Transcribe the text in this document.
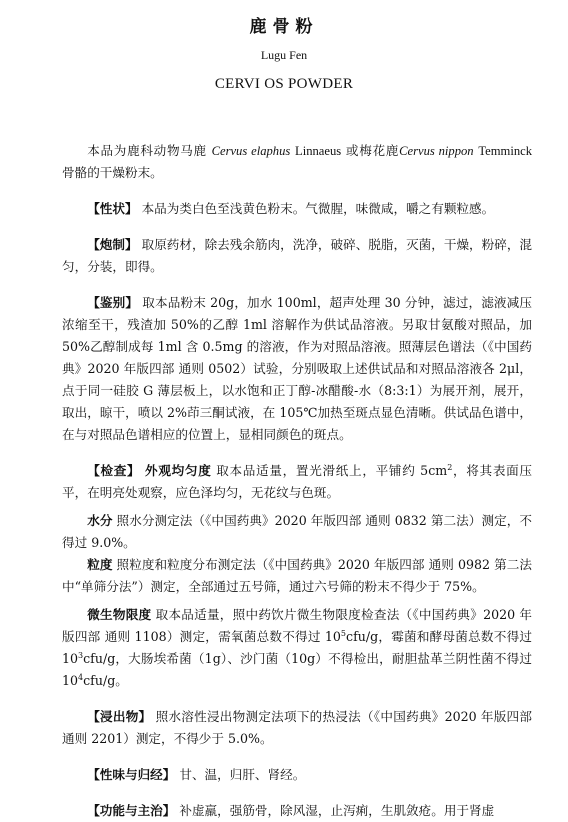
鹿骨粉
Lugu Fen
CERVI OS POWDER

本品为鹿科动物马鹿 Cervus elaphus Linnaeus 或梅花鹿Cervus nippon Temminck 骨骼的干燥粉末。

【性状】 本品为类白色至浅黄色粉末。气微腥，味微咸，嚼之有颗粒感。

【炮制】 取原药材，除去残余筋肉，洗净，破碎、脱脂，灭菌，干燥，粉碎，混匀，分装，即得。

【鉴别】 取本品粉末 20g，加水 100ml，超声处理 30 分钟，滤过，滤液减压浓缩至干，残渣加 50%的乙醇 1ml 溶解作为供试品溶液。另取甘氨酸对照品，加 50%乙醇制成每 1ml 含 0.5mg 的溶液，作为对照品溶液。照薄层色谱法（《中国药典》2020 年版四部 通则 0502）试验，分别吸取上述供试品和对照品溶液各 2μl，点于同一硅胶 G 薄层板上，以水饱和正丁醇-冰醋酸-水（8:3:1）为展开剂，展开，取出，晾干，喷以 2%茚三酮试液，在 105℃加热至斑点显色清晰。供试品色谱中，在与对照品色谱相应的位置上，显相同颜色的斑点。

【检查】 外观均匀度 取本品适量，置光滑纸上，平铺约 $5cm^2$，将其表面压平，在明亮处观察，应色泽均匀，无花纹与色斑。

水分 照水分测定法（《中国药典》2020 年版四部 通则 0832 第二法）测定，不得过 9.0%。

粒度 照粒度和粒度分布测定法（《中国药典》2020 年版四部 通则 0982 第二法中“单筛分法”）测定，全部通过五号筛，通过六号筛的粉末不得少于 75%。

微生物限度 取本品适量，照中药饮片微生物限度检查法（《中国药典》2020 年版四部 通则 1108）测定，需氧菌总数不得过 $10^5cfu/g$，霉菌和酵母菌总数不得过 $10^3cfu/g$，大肠埃希菌（1g）、沙门菌（10g）不得检出，耐胆盐革兰阴性菌不得过 $10^4cfu/g$。

【浸出物】 照水溶性浸出物测定法项下的热浸法（《中国药典》2020 年版四部 通则 2201）测定，不得少于 5.0%。

【性味与归经】 甘、温，归肝、肾经。

【功能与主治】 补虚羸，强筋骨，除风湿，止泻痢，生肌敛疮。用于肾虚
